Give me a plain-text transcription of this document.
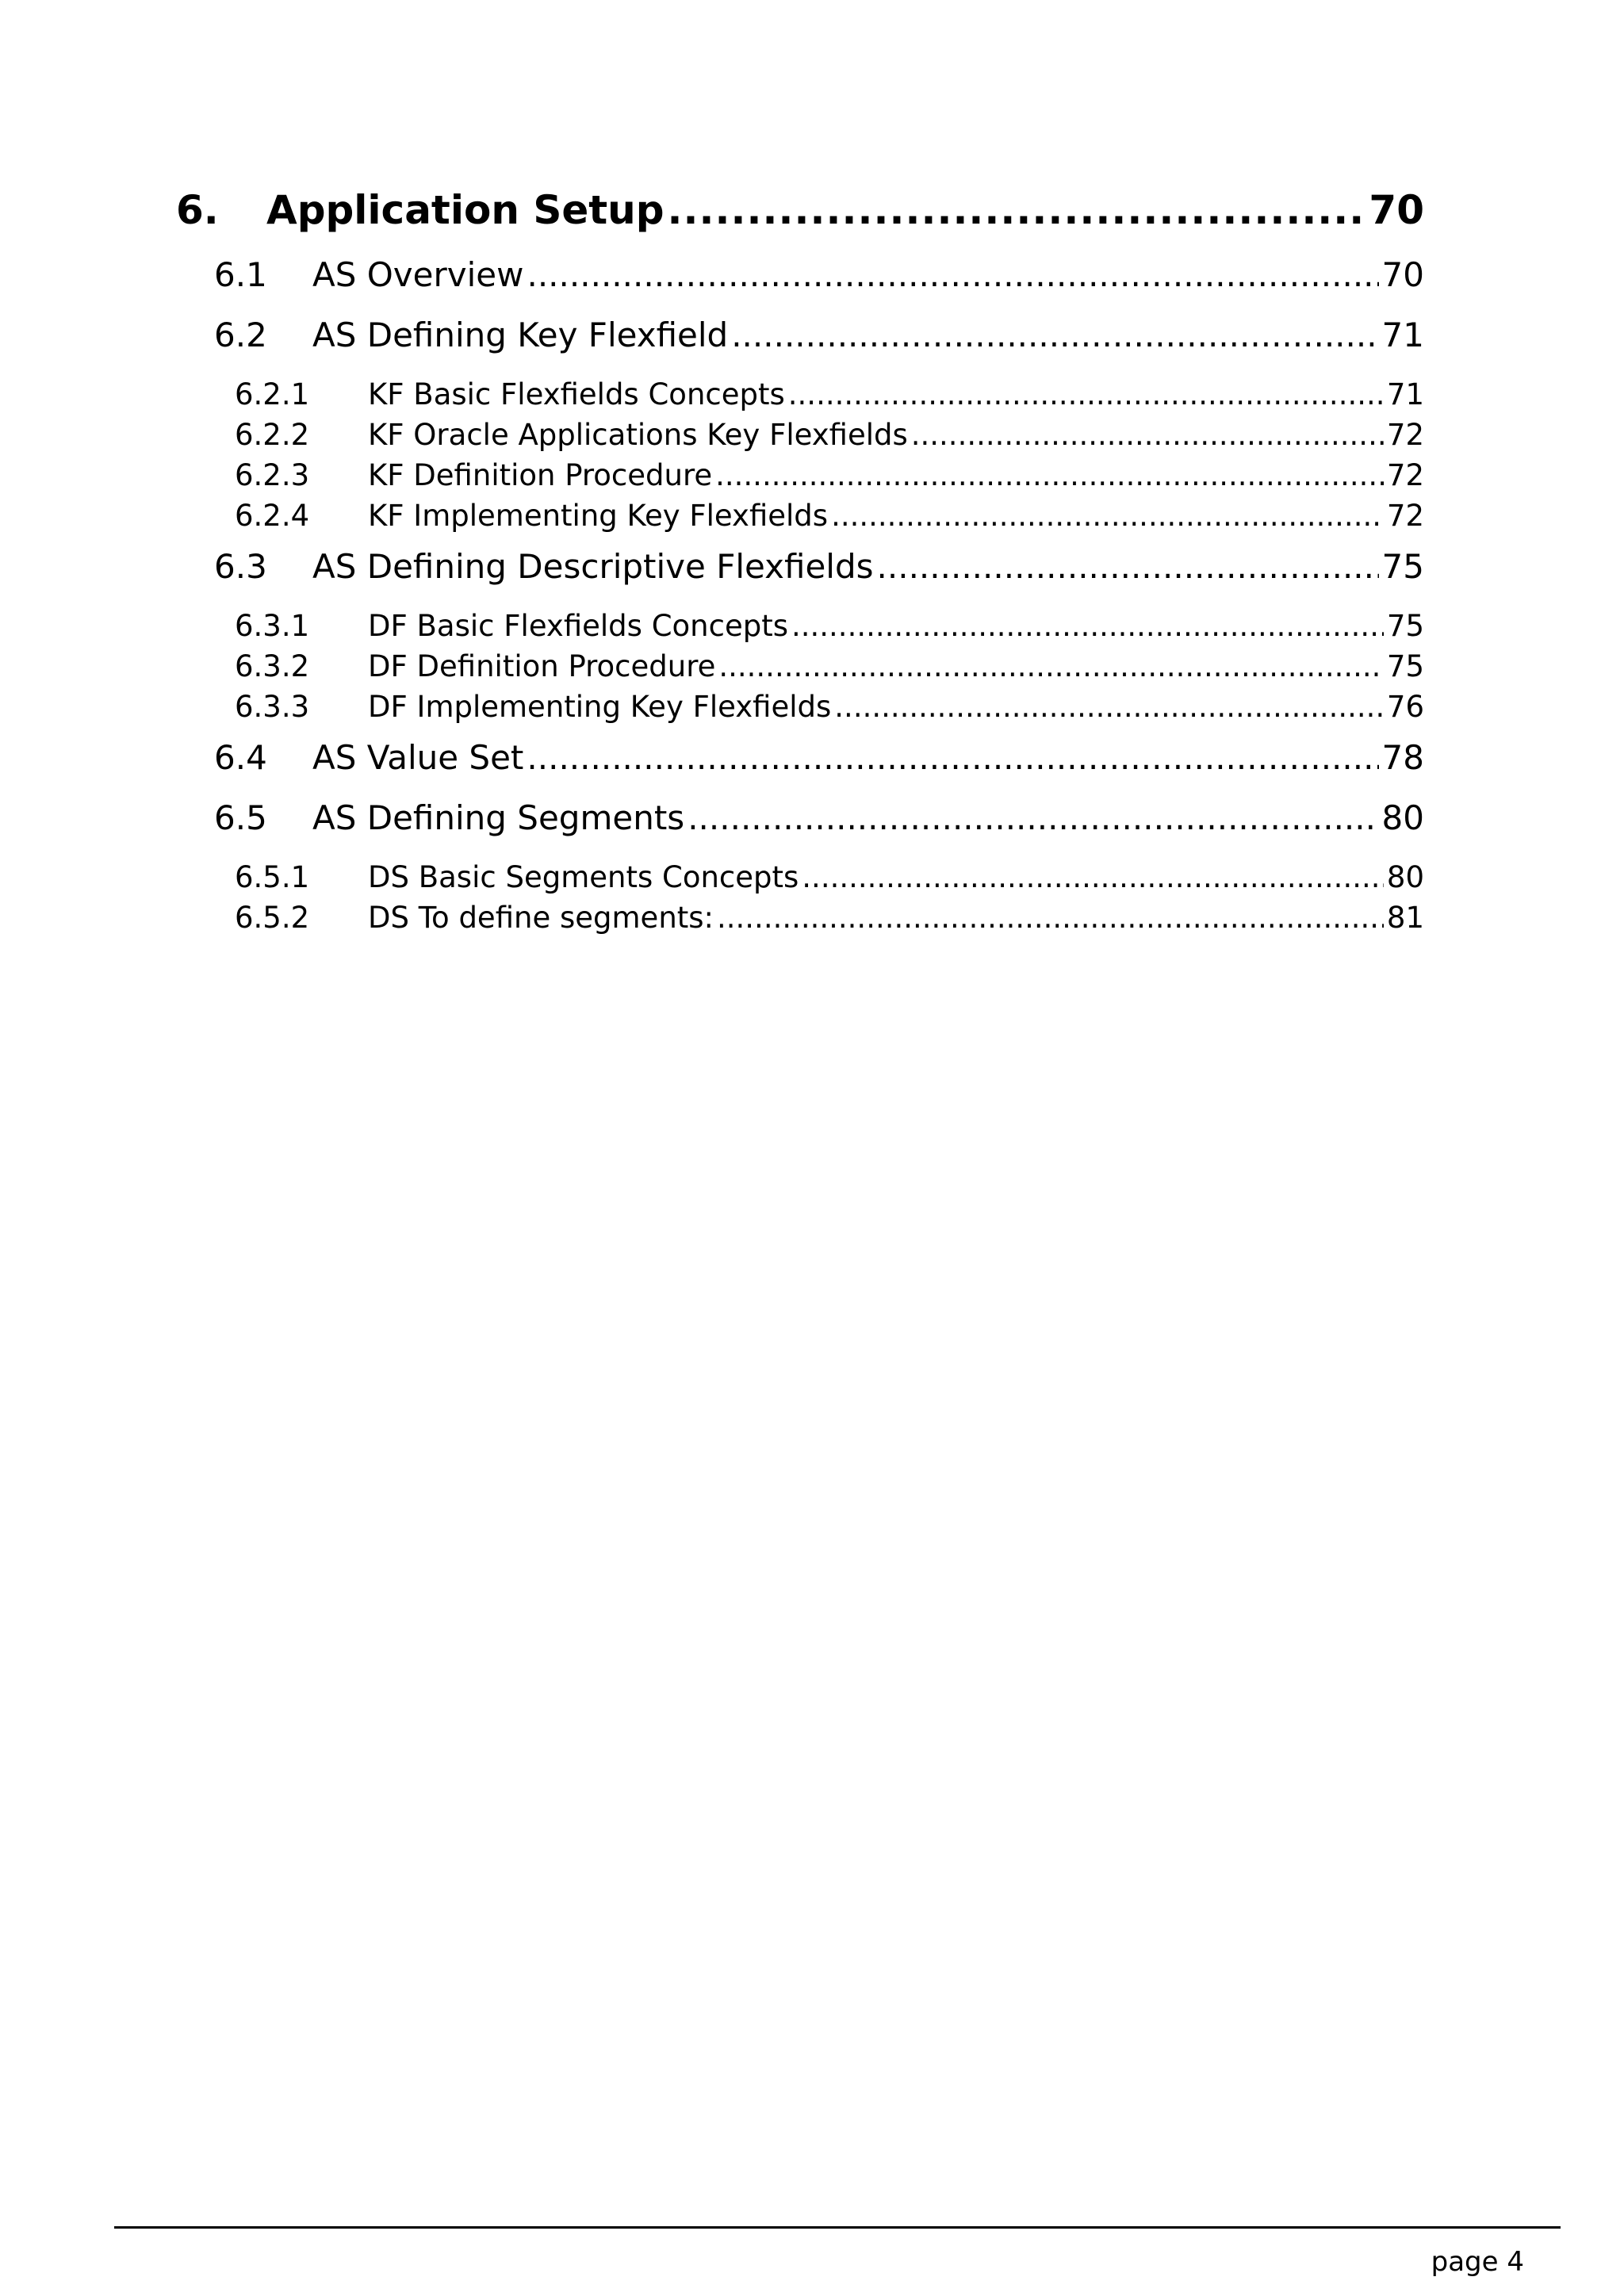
6.	Application Setup .....	70
6.1	AS Overview .....	70
6.2	AS Defining Key Flexfield .....	71
6.2.1	KF Basic Flexfields Concepts .....	71
6.2.2	KF Oracle Applications Key Flexfields .....	72
6.2.3	KF Definition Procedure .....	72
6.2.4	KF Implementing Key Flexfields .....	72
6.3	AS Defining Descriptive Flexfields .....	75
6.3.1	DF Basic Flexfields Concepts .....	75
6.3.2	DF Definition Procedure .....	75
6.3.3	DF Implementing Key Flexfields .....	76
6.4	AS Value Set .....	78
6.5	AS Defining Segments .....	80
6.5.1	DS Basic Segments Concepts .....	80
6.5.2	DS To define segments: .....	81
page 4
